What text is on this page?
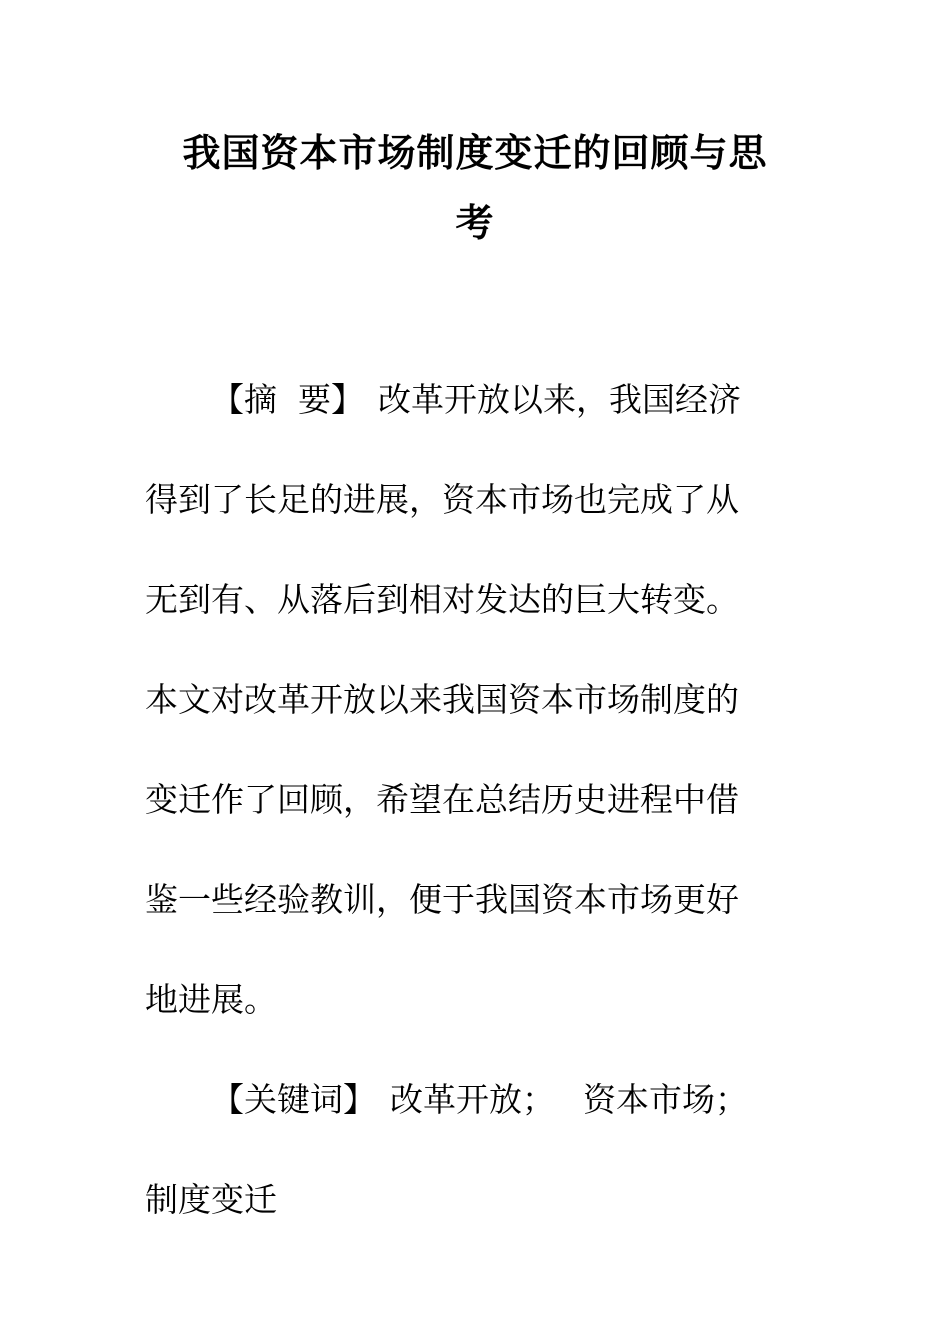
我国资本市场制度变迁的回顾与思
考
【摘  要】 改革开放以来，我国经济
得到了长足的进展，资本市场也完成了从
无到有、从落后到相对发达的巨大转变。
本文对改革开放以来我国资本市场制度的
变迁作了回顾，希望在总结历史进程中借
鉴一些经验教训，便于我国资本市场更好
地进展。
【关键词】 改革开放； 资本市场；
制度变迁
